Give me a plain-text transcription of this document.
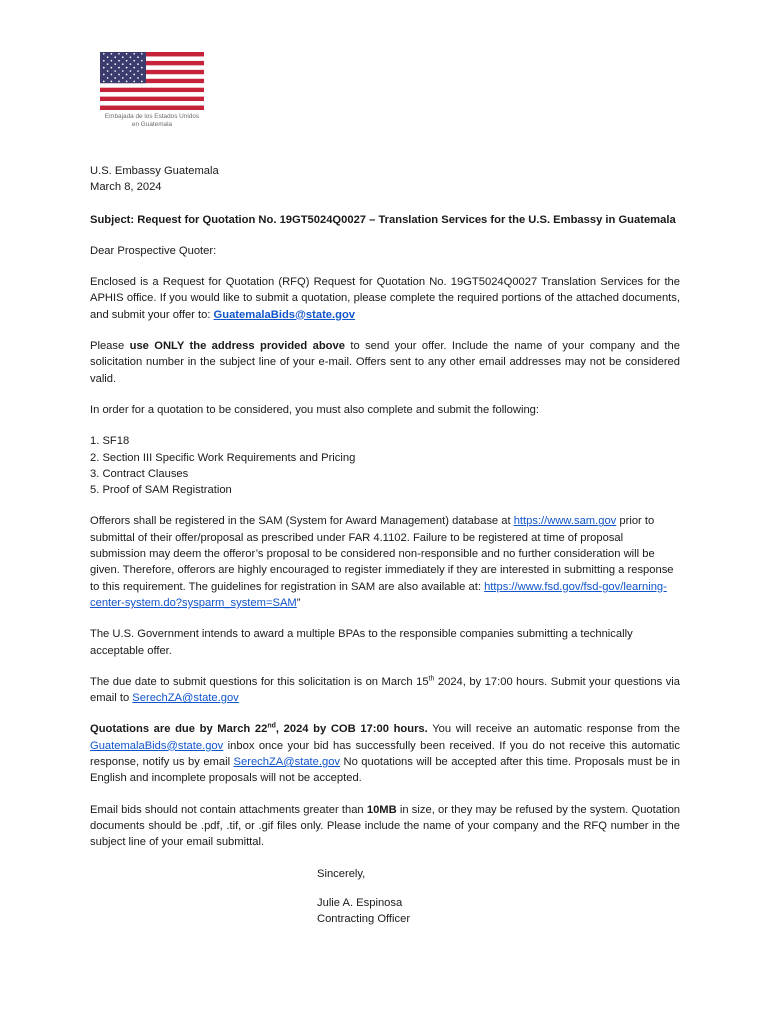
Embajada de los Estados Unidos
en Guatemala
U.S. Embassy Guatemala
March 8, 2024
Subject: Request for Quotation No. 19GT5024Q0027 – Translation Services for the U.S. Embassy in Guatemala
Dear Prospective Quoter:

Enclosed is a Request for Quotation (RFQ) Request for Quotation No. 19GT5024Q0027 Translation Services for the APHIS office. If you would like to submit a quotation, please complete the required portions of the attached documents, and submit your offer to: GuatemalaBids@state.gov

Please use ONLY the address provided above to send your offer. Include the name of your company and the solicitation number in the subject line of your e-mail. Offers sent to any other email addresses may not be considered valid.

In order for a quotation to be considered, you must also complete and submit the following:

1. SF18
2. Section III Specific Work Requirements and Pricing
3. Contract Clauses
5. Proof of SAM Registration

Offerors shall be registered in the SAM (System for Award Management) database at https://www.sam.gov prior to submittal of their offer/proposal as prescribed under FAR 4.1102. Failure to be registered at time of proposal submission may deem the offeror’s proposal to be considered non-responsible and no further consideration will be given. Therefore, offerors are highly encouraged to register immediately if they are interested in submitting a response to this requirement. The guidelines for registration in SAM are also available at: https://www.fsd.gov/fsd-gov/learning-center-system.do?sysparm_system=SAM”

The U.S. Government intends to award a multiple BPAs to the responsible companies submitting a technically acceptable offer.

The due date to submit questions for this solicitation is on March 15th 2024, by 17:00 hours. Submit your questions via email to SerechZA@state.gov

Quotations are due by March 22nd, 2024 by COB 17:00 hours. You will receive an automatic response from the GuatemalaBids@state.gov inbox once your bid has successfully been received. If you do not receive this automatic response, notify us by email SerechZA@state.gov No quotations will be accepted after this time. Proposals must be in English and incomplete proposals will not be accepted.

Email bids should not contain attachments greater than 10MB in size, or they may be refused by the system. Quotation documents should be .pdf, .tif, or .gif files only. Please include the name of your company and the RFQ number in the subject line of your email submittal.

Sincerely,
Julie A. Espinosa
Contracting Officer
